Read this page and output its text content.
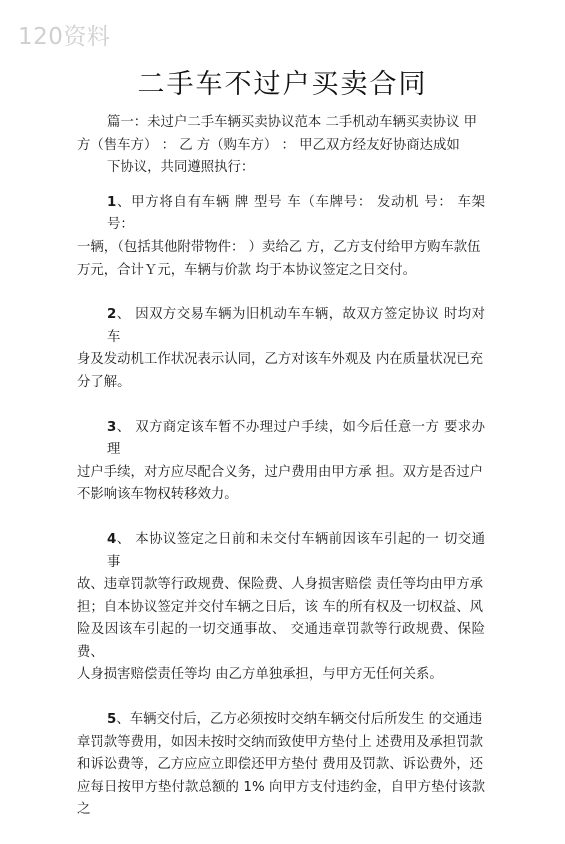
120资料
二手车不过户买卖合同
篇一：未过户二手车辆买卖协议范本 二手机动车辆买卖协议 甲
方（售车方） ： 乙 方（购车方） ： 甲乙双方经友好协商达成如
下协议，共同遵照执行：
1、甲方将自有车辆 牌 型号 车（车牌号： 发动机 号： 车架号：
一辆，（包括其他附带物件： ）卖给乙 方，乙方支付给甲方购车款伍
万元，合计Ｙ元，车辆与价款 均于本协议签定之日交付。
2、 因双方交易车辆为旧机动车车辆，故双方签定协议 时均对车
身及发动机工作状况表示认同，乙方对该车外观及 内在质量状况已充
分了解。
3、 双方商定该车暂不办理过户手续，如今后任意一方 要求办理
过户手续，对方应尽配合义务，过户费用由甲方承 担。双方是否过户
不影响该车物权转移效力。
4、 本协议签定之日前和未交付车辆前因该车引起的一 切交通事
故、违章罚款等行政规费、保险费、人身损害赔偿 责任等均由甲方承
担；自本协议签定并交付车辆之日后，该 车的所有权及一切权益、风
险及因该车引起的一切交通事故、 交通违章罚款等行政规费、保险费、
人身损害赔偿责任等均 由乙方单独承担，与甲方无任何关系。
5、车辆交付后，乙方必须按时交纳车辆交付后所发生 的交通违
章罚款等费用，如因未按时交纳而致使甲方垫付上 述费用及承担罚款
和诉讼费等，乙方应应立即偿还甲方垫付 费用及罚款、诉讼费外，还
应每日按甲方垫付款总额的 1% 向甲方支付违约金，自甲方垫付该款之
